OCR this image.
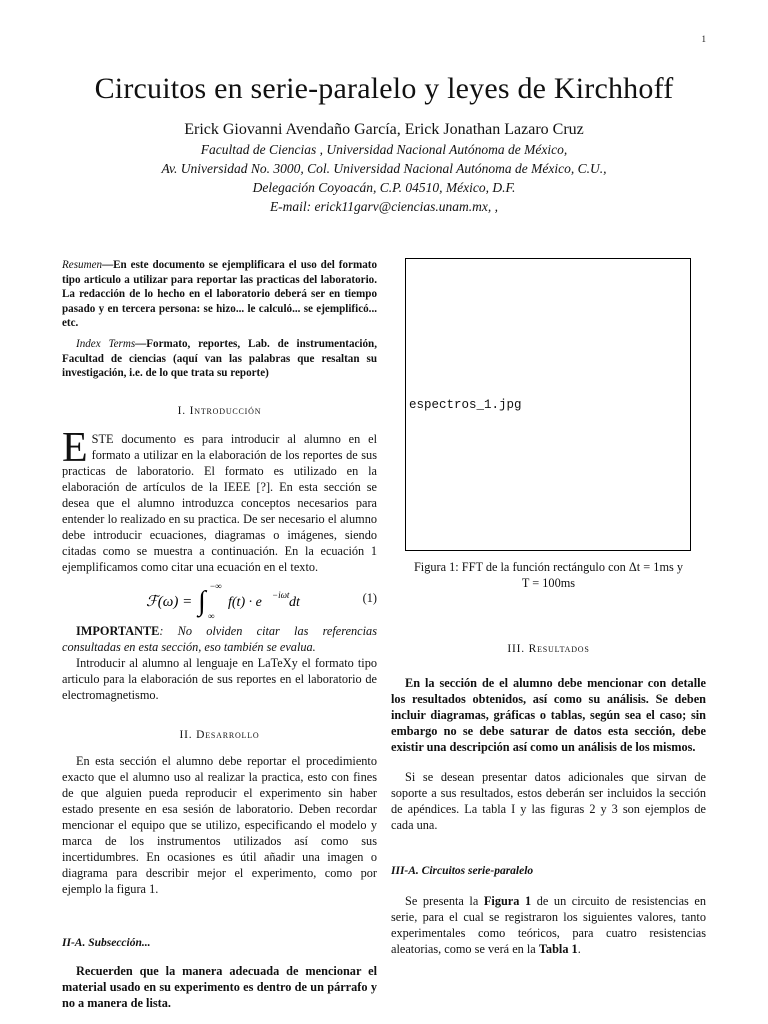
1
Circuitos en serie-paralelo y leyes de Kirchhoff
Erick Giovanni Avendaño García, Erick Jonathan Lazaro Cruz
Facultad de Ciencias , Universidad Nacional Autónoma de México,
Av. Universidad No. 3000, Col. Universidad Nacional Autónoma de México, C.U.,
Delegación Coyoacán, C.P. 04510, México, D.F.
E-mail: erick11garv@ciencias.unam.mx, ,

Resumen—En este documento se ejemplificara el uso del formato tipo articulo a utilizar para reportar las practicas del laboratorio. La redacción de lo hecho en el laboratorio deberá ser en tiempo pasado y en tercera persona: se hizo... le calculó... se ejemplificó... etc.

Index Terms—Formato, reportes, Lab. de instrumentación, Facultad de ciencias (aquí van las palabras que resaltan su investigación, i.e. de lo que trata su reporte)

I. Introducción

ESTE documento es para introducir al alumno en el formato a utilizar en la elaboración de los reportes de sus practicas de laboratorio. El formato es utilizado en la elaboración de artículos de la IEEE [?]. En esta sección se desea que el alumno introduzca conceptos necesarios para entender lo realizado en su practica. De ser necesario el alumno debe introducir ecuaciones, diagramas o imágenes, siendo citadas como se muestra a continuación. En la ecuación 1 ejemplificamos como citar una ecuación en el texto.

ℱ(ω) = ∫ −∞
∞
f(t) · e −iωt dt	(1)

IMPORTANTE: No olviden citar las referencias consultadas en esta sección, eso también se evalua.

Introducir al alumno al lenguaje en LaTeXy el formato tipo articulo para la elaboración de sus reportes en el laboratorio de electromagnetismo.

II. Desarrollo

En esta sección el alumno debe reportar el procedimiento exacto que el alumno uso al realizar la practica, esto con fines de que alguien pueda reproducir el experimento sin haber estado presente en esa sesión de laboratorio. Deben recordar mencionar el equipo que se utilizo, especificando el modelo y marca de los instrumentos utilizados así como sus incertidumbres. En ocasiones es útil añadir una imagen o diagrama para describir mejor el experimento, como por ejemplo la figura 1.

II-A. Subsección...

Recuerden que la manera adecuada de mencionar el material usado en su experimento es dentro de un párrafo y no a manera de lista.

espectros_1.jpg
Figura 1: FFT de la función rectángulo con Δt = 1ms y
T = 100ms
III. Resultados

En la sección de el alumno debe mencionar con detalle los resultados obtenidos, así como su análisis. Se deben incluir diagramas, gráficas o tablas, según sea el caso; sin embargo no se debe saturar de datos esta sección, debe existir una descripción así como un análisis de los mismos.

Si se desean presentar datos adicionales que sirvan de soporte a sus resultados, estos deberán ser incluidos la sección de apéndices. La tabla I y las figuras 2 y 3 son ejemplos de cada una.

III-A. Circuitos serie-paralelo

Se presenta la Figura 1 de un circuito de resistencias en serie, para el cual se registraron los siguientes valores, tanto experimentales como teóricos, para cuatro resistencias aleatorias, como se verá en la Tabla 1.
